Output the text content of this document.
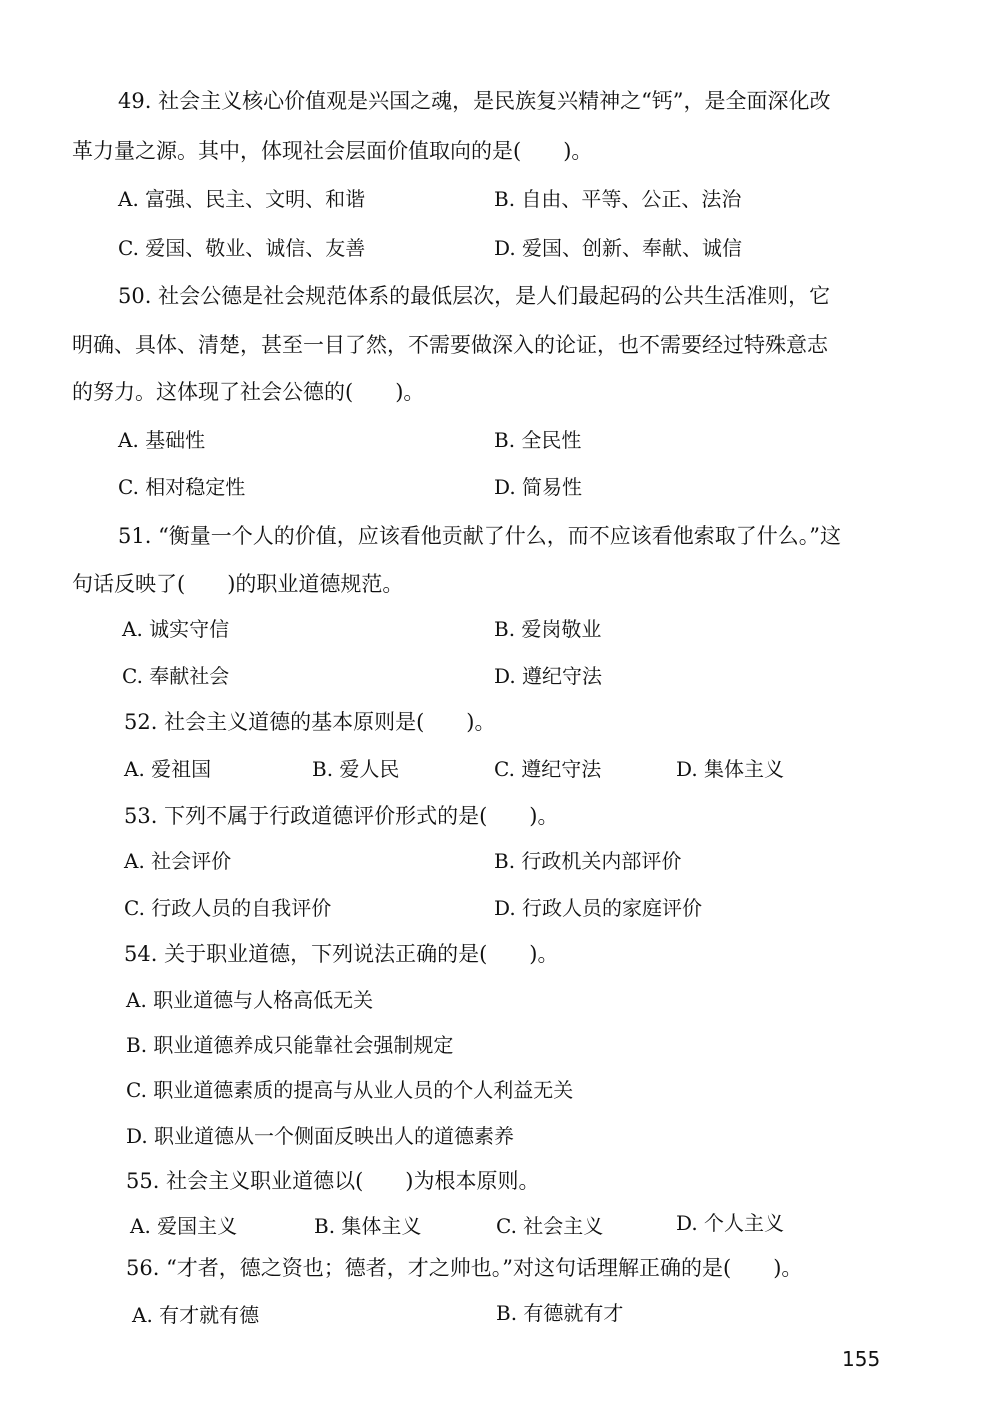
49. 社会主义核心价值观是兴国之魂，是民族复兴精神之“钙”，是全面深化改
革力量之源。其中，体现社会层面价值取向的是(　　)。
A. 富强、民主、文明、和谐	B. 自由、平等、公正、法治
C. 爱国、敬业、诚信、友善	D. 爱国、创新、奉献、诚信
50. 社会公德是社会规范体系的最低层次，是人们最起码的公共生活准则，它
明确、具体、清楚，甚至一目了然，不需要做深入的论证，也不需要经过特殊意志
的努力。这体现了社会公德的(　　)。
A. 基础性	B. 全民性
C. 相对稳定性	D. 简易性
51. “衡量一个人的价值，应该看他贡献了什么，而不应该看他索取了什么。”这
句话反映了(　　)的职业道德规范。
A. 诚实守信	B. 爱岗敬业
C. 奉献社会	D. 遵纪守法
52. 社会主义道德的基本原则是(　　)。
A. 爱祖国	B. 爱人民	C. 遵纪守法	D. 集体主义
53. 下列不属于行政道德评价形式的是(　　)。
A. 社会评价	B. 行政机关内部评价
C. 行政人员的自我评价	D. 行政人员的家庭评价
54. 关于职业道德，下列说法正确的是(　　)。
A. 职业道德与人格高低无关
B. 职业道德养成只能靠社会强制规定
C. 职业道德素质的提高与从业人员的个人利益无关
D. 职业道德从一个侧面反映出人的道德素养
55. 社会主义职业道德以(　　)为根本原则。
A. 爱国主义	B. 集体主义	C. 社会主义	D. 个人主义
56. “才者，德之资也；德者，才之帅也。”对这句话理解正确的是(　　)。
A. 有才就有德	B. 有德就有才
155
